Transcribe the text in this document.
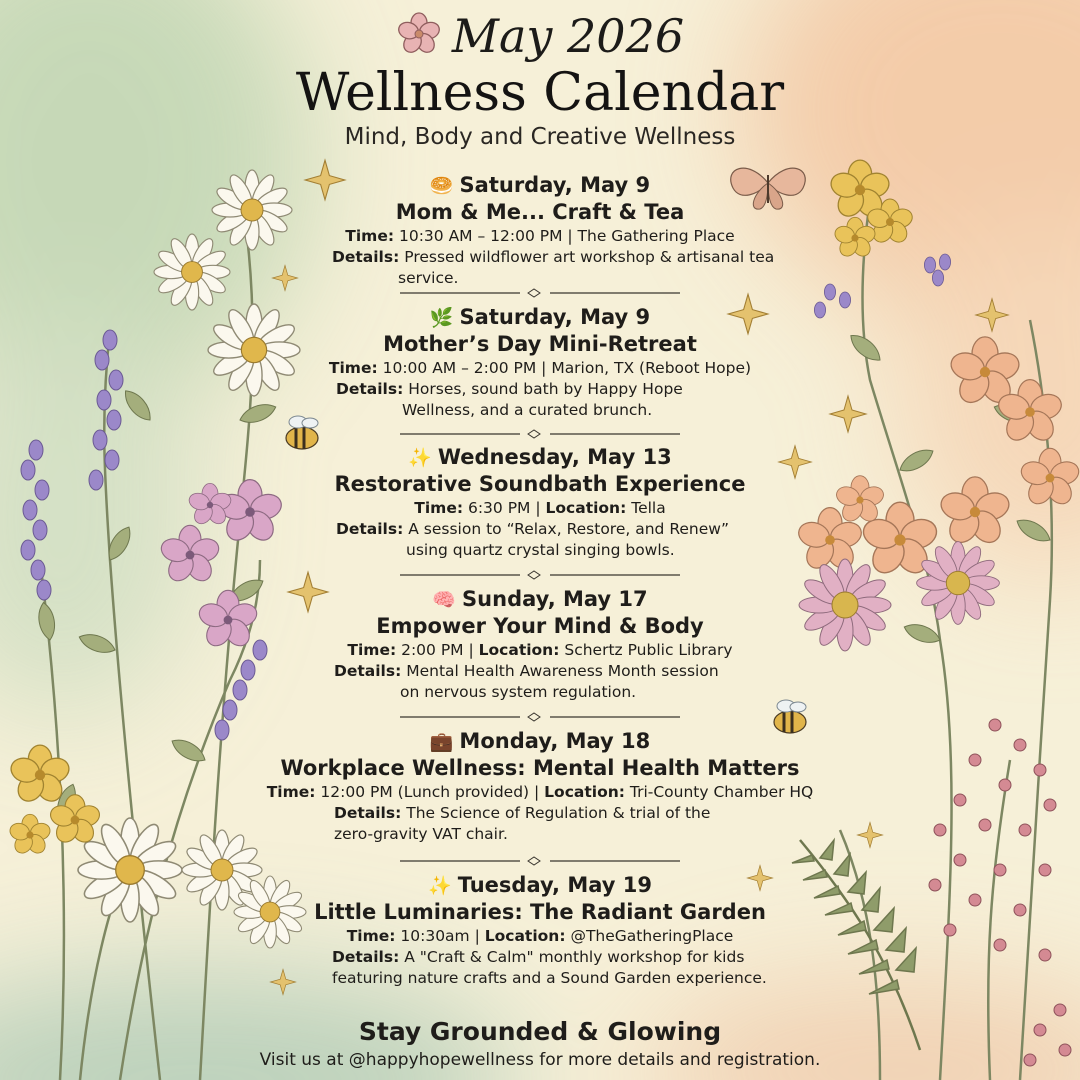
May 2026
Wellness Calendar
Mind, Body and Creative Wellness
🥯 Saturday, May 9
Mom & Me... Craft & Tea
Time: 10:30 AM – 12:00 PM | The Gathering Place
Details: Pressed wildflower art workshop & artisanal tea
service.
🌿 Saturday, May 9
Mother’s Day Mini-Retreat
Time: 10:00 AM – 2:00 PM | Marion, TX (Reboot Hope)
Details: Horses, sound bath by Happy Hope
Wellness, and a curated brunch.
✨ Wednesday, May 13
Restorative Soundbath Experience
Time: 6:30 PM | Location: Tella
Details: A session to “Relax, Restore, and Renew”
using quartz crystal singing bowls.
🧠 Sunday, May 17
Empower Your Mind & Body
Time: 2:00 PM | Location: Schertz Public Library
Details: Mental Health Awareness Month session
on nervous system regulation.
💼 Monday, May 18
Workplace Wellness: Mental Health Matters
Time: 12:00 PM (Lunch provided) | Location: Tri-County Chamber HQ
Details: The Science of Regulation & trial of the
zero-gravity VAT chair.
✨ Tuesday, May 19
Little Luminaries: The Radiant Garden
Time: 10:30am | Location: @TheGatheringPlace
Details: A "Craft & Calm" monthly workshop for kids
featuring nature crafts and a Sound Garden experience.
Stay Grounded & Glowing
Visit us at @happyhopewellness for more details and registration.
